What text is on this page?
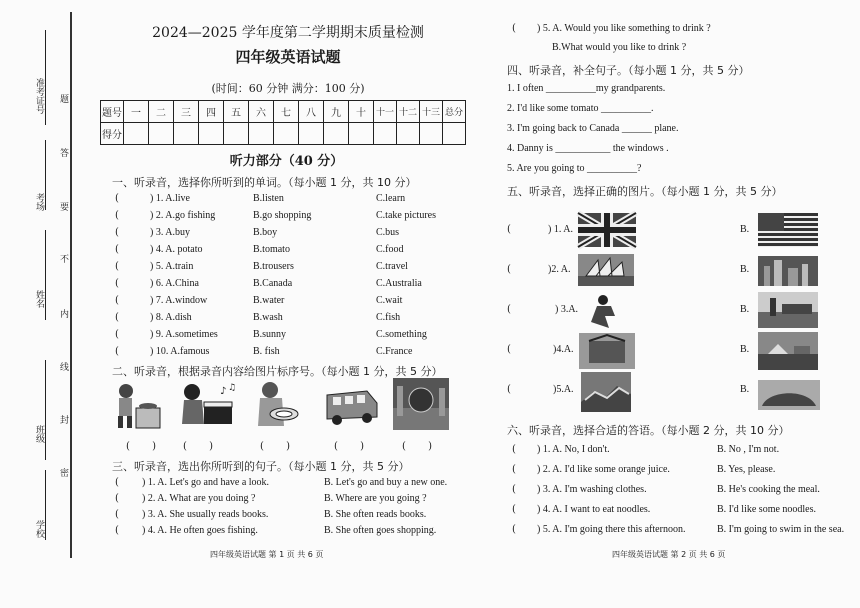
准考证号
考场
姓名
班级
学校
题
答
要
不
内
线
封
密
2024—2025 学年度第二学期期末质量检测
四年级英语试题
(时间：60 分钟 满分：100 分)
题号	一	二	三	四	五	六	七	八	九	十	十一	十二	十三	总分
得分														
听力部分（40 分）
一、听录音，选择你所听到的单词。（每小题 1 分，共 10 分）
(	) 1. A.live	B.listen	C.learn
(	) 2. A.go fishing	B.go shopping	C.take pictures
(	) 3. A.buy	B.boy	C.bus
(	) 4. A. potato	B.tomato	C.food
(	) 5. A.train	B.trousers	C.travel
(	) 6. A.China	B.Canada	C.Australia
(	) 7. A.window	B.water	C.wait
(	) 8. A.dish	B.wash	C.fish
(	) 9. A.sometimes	B.sunny	C.something
(	) 10. A.famous	B. fish	C.France
二、听录音，根据录音内容给图片标序号。（每小题 1 分，共 5 分）
♪ ♫
(       )	(       )	(       )	(       )	(       )
三、听录音，选出你所听到的句子。（每小题 1 分，共 5 分）
( ) 1. A. Let's go and have a look.	B. Let's go and buy a new one.
( ) 2. A. What are you doing ?	B. Where are you going ?
( ) 3. A. She usually reads books.	B. She often reads books.
( ) 4. A. He often goes fishing.	B. She often goes shopping.
四年级英语试题 第 1 页 共 6 页
( ) 5. A. Would you like something to drink ?
B.What would you like to drink ?
四、听录音，补全句子。（每小题 1 分，共 5 分）
1. I often __________my grandparents.
2. I'd like some tomato __________.
3. I'm going back to Canada ______ plane.
4. Danny is ___________ the windows .
5. Are you going to __________?
五、听录音，选择正确的图片。（每小题 1 分，共 5 分）
(	) 1. A.	B.
(	)2. A.	B.
(	) 3.A.	B.
(	)4.A.	B.
(	)5.A.	B.
六、听录音，选择合适的答语。（每小题 2 分，共 10 分）
( ) 1. A. No, I don't.	B. No , I'm not.
( ) 2. A. I'd like some orange juice.	B. Yes, please.
( ) 3. A. I'm washing clothes.	B. He's cooking the meal.
( ) 4. A. I want to eat noodles.	B. I'd like some noodles.
( ) 5. A. I'm going there this afternoon.	B. I'm going to swim in the sea.
四年级英语试题 第 2 页 共 6 页
